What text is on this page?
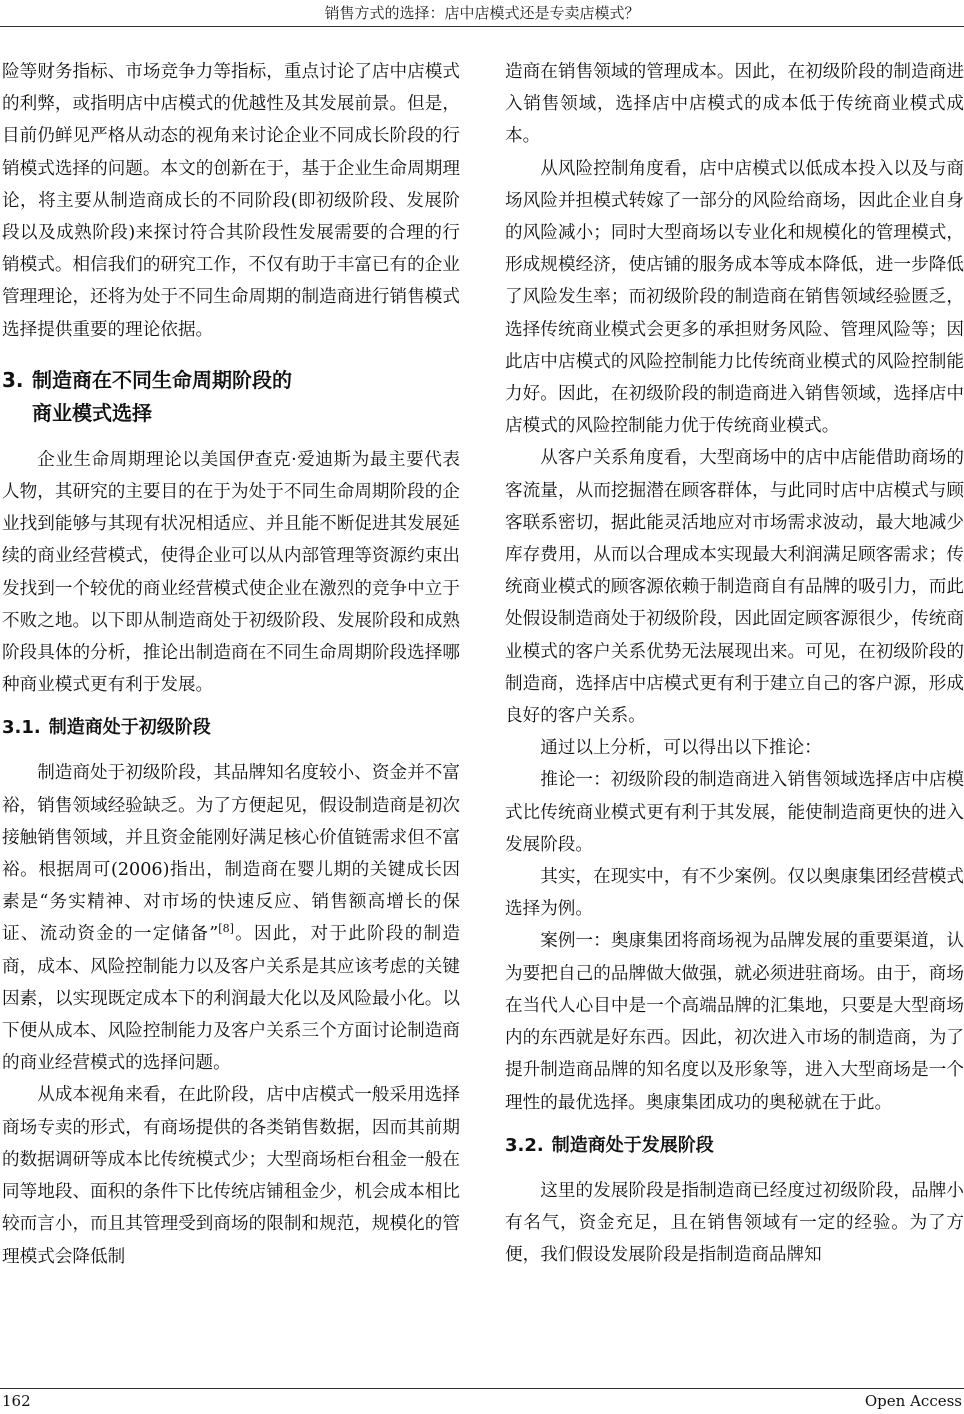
销售方式的选择：店中店模式还是专卖店模式？

险等财务指标、市场竞争力等指标，重点讨论了店中店模式的利弊，或指明店中店模式的优越性及其发展前景。但是，目前仍鲜见严格从动态的视角来讨论企业不同成长阶段的行销模式选择的问题。本文的创新在于，基于企业生命周期理论，将主要从制造商成长的不同阶段(即初级阶段、发展阶段以及成熟阶段)来探讨符合其阶段性发展需要的合理的行销模式。相信我们的研究工作，不仅有助于丰富已有的企业管理理论，还将为处于不同生命周期的制造商进行销售模式选择提供重要的理论依据。

3. 制造商在不同生命周期阶段的
商业模式选择

企业生命周期理论以美国伊查克·爱迪斯为最主要代表人物，其研究的主要目的在于为处于不同生命周期阶段的企业找到能够与其现有状况相适应、并且能不断促进其发展延续的商业经营模式，使得企业可以从内部管理等资源约束出发找到一个较优的商业经营模式使企业在激烈的竞争中立于不败之地。以下即从制造商处于初级阶段、发展阶段和成熟阶段具体的分析，推论出制造商在不同生命周期阶段选择哪种商业模式更有利于发展。

3.1. 制造商处于初级阶段

制造商处于初级阶段，其品牌知名度较小、资金并不富裕，销售领域经验缺乏。为了方便起见，假设制造商是初次接触销售领域，并且资金能刚好满足核心价值链需求但不富裕。根据周可(2006)指出，制造商在婴儿期的关键成长因素是“务实精神、对市场的快速反应、销售额高增长的保证、流动资金的一定储备”[8]。因此，对于此阶段的制造商，成本、风险控制能力以及客户关系是其应该考虑的关键因素，以实现既定成本下的利润最大化以及风险最小化。以下便从成本、风险控制能力及客户关系三个方面讨论制造商的商业经营模式的选择问题。

从成本视角来看，在此阶段，店中店模式一般采用选择商场专卖的形式，有商场提供的各类销售数据，因而其前期的数据调研等成本比传统模式少；大型商场柜台租金一般在同等地段、面积的条件下比传统店铺租金少，机会成本相比较而言小，而且其管理受到商场的限制和规范，规模化的管理模式会降低制

造商在销售领域的管理成本。因此，在初级阶段的制造商进入销售领域，选择店中店模式的成本低于传统商业模式成本。

从风险控制角度看，店中店模式以低成本投入以及与商场风险并担模式转嫁了一部分的风险给商场，因此企业自身的风险减小；同时大型商场以专业化和规模化的管理模式，形成规模经济，使店铺的服务成本等成本降低，进一步降低了风险发生率；而初级阶段的制造商在销售领域经验匮乏，选择传统商业模式会更多的承担财务风险、管理风险等；因此店中店模式的风险控制能力比传统商业模式的风险控制能力好。因此，在初级阶段的制造商进入销售领域，选择店中店模式的风险控制能力优于传统商业模式。

从客户关系角度看，大型商场中的店中店能借助商场的客流量，从而挖掘潜在顾客群体，与此同时店中店模式与顾客联系密切，据此能灵活地应对市场需求波动，最大地减少库存费用，从而以合理成本实现最大利润满足顾客需求；传统商业模式的顾客源依赖于制造商自有品牌的吸引力，而此处假设制造商处于初级阶段，因此固定顾客源很少，传统商业模式的客户关系优势无法展现出来。可见，在初级阶段的制造商，选择店中店模式更有利于建立自己的客户源，形成良好的客户关系。

通过以上分析，可以得出以下推论：

推论一：初级阶段的制造商进入销售领域选择店中店模式比传统商业模式更有利于其发展，能使制造商更快的进入发展阶段。

其实，在现实中，有不少案例。仅以奥康集团经营模式选择为例。

案例一：奥康集团将商场视为品牌发展的重要渠道，认为要把自己的品牌做大做强，就必须进驻商场。由于，商场在当代人心目中是一个高端品牌的汇集地，只要是大型商场内的东西就是好东西。因此，初次进入市场的制造商，为了提升制造商品牌的知名度以及形象等，进入大型商场是一个理性的最优选择。奥康集团成功的奥秘就在于此。

3.2. 制造商处于发展阶段

这里的发展阶段是指制造商已经度过初级阶段，品牌小有名气，资金充足，且在销售领域有一定的经验。为了方便，我们假设发展阶段是指制造商品牌知

162	Open Access
